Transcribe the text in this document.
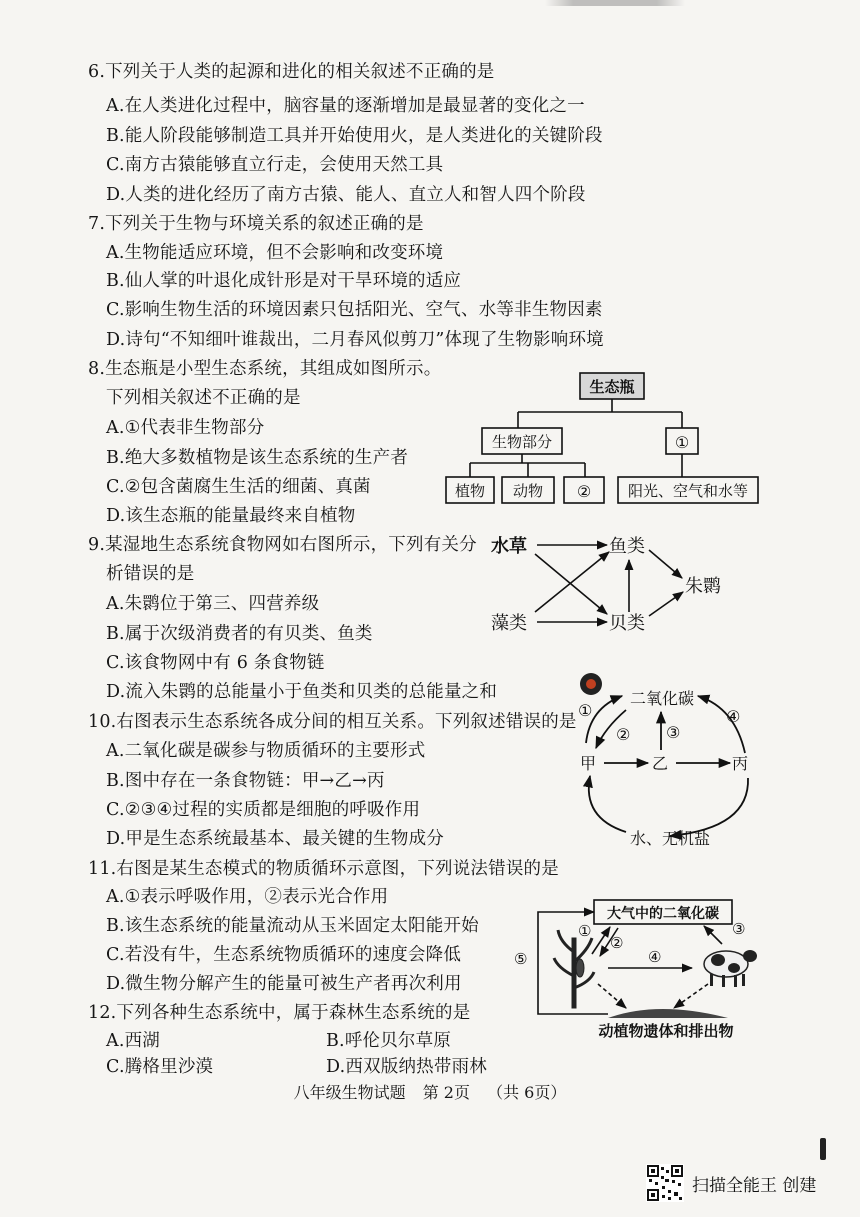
6.下列关于人类的起源和进化的相关叙述不正确的是
A.在人类进化过程中，脑容量的逐渐增加是最显著的变化之一
B.能人阶段能够制造工具并开始使用火，是人类进化的关键阶段
C.南方古猿能够直立行走，会使用天然工具
D.人类的进化经历了南方古猿、能人、直立人和智人四个阶段
7.下列关于生物与环境关系的叙述正确的是
A.生物能适应环境，但不会影响和改变环境
B.仙人掌的叶退化成针形是对干旱环境的适应
C.影响生物生活的环境因素只包括阳光、空气、水等非生物因素
D.诗句“不知细叶谁裁出，二月春风似剪刀”体现了生物影响环境
8.生态瓶是小型生态系统，其组成如图所示。
下列相关叙述不正确的是
A.①代表非生物部分
B.绝大多数植物是该生态系统的生产者
C.②包含菌腐生生活的细菌、真菌
D.该生态瓶的能量最终来自植物
生态瓶
生物部分	①
植物 动物 ② 阳光、空气和水等
9.某湿地生态系统食物网如右图所示，下列有关分
析错误的是
A.朱鹮位于第三、四营养级
B.属于次级消费者的有贝类、鱼类
C.该食物网中有 6 条食物链
D.流入朱鹮的总能量小于鱼类和贝类的总能量之和
水草	鱼类
朱鹮
藻类	贝类
10.右图表示生态系统各成分间的相互关系。下列叙述错误的是
A.二氧化碳是碳参与物质循环的主要形式
B.图中存在一条食物链：甲→乙→丙
C.②③④过程的实质都是细胞的呼吸作用
D.甲是生态系统最基本、最关键的生物成分
二氧化碳
甲	乙	丙
水、无机盐
①
② ③
④
11.右图是某生态模式的物质循环示意图，下列说法错误的是
A.①表示呼吸作用，②表示光合作用
B.该生态系统的能量流动从玉米固定太阳能开始
C.若没有牛，生态系统物质循环的速度会降低
D.微生物分解产生的能量可被生产者再次利用
大气中的二氧化碳
动植物遗体和排出物
①
②
③
④
⑤
12.下列各种生态系统中，属于森林生态系统的是
A.西湖	B.呼伦贝尔草原
C.腾格里沙漠	D.西双版纳热带雨林
八年级生物试题 第 2页 （共 6页）
扫描全能王 创建
